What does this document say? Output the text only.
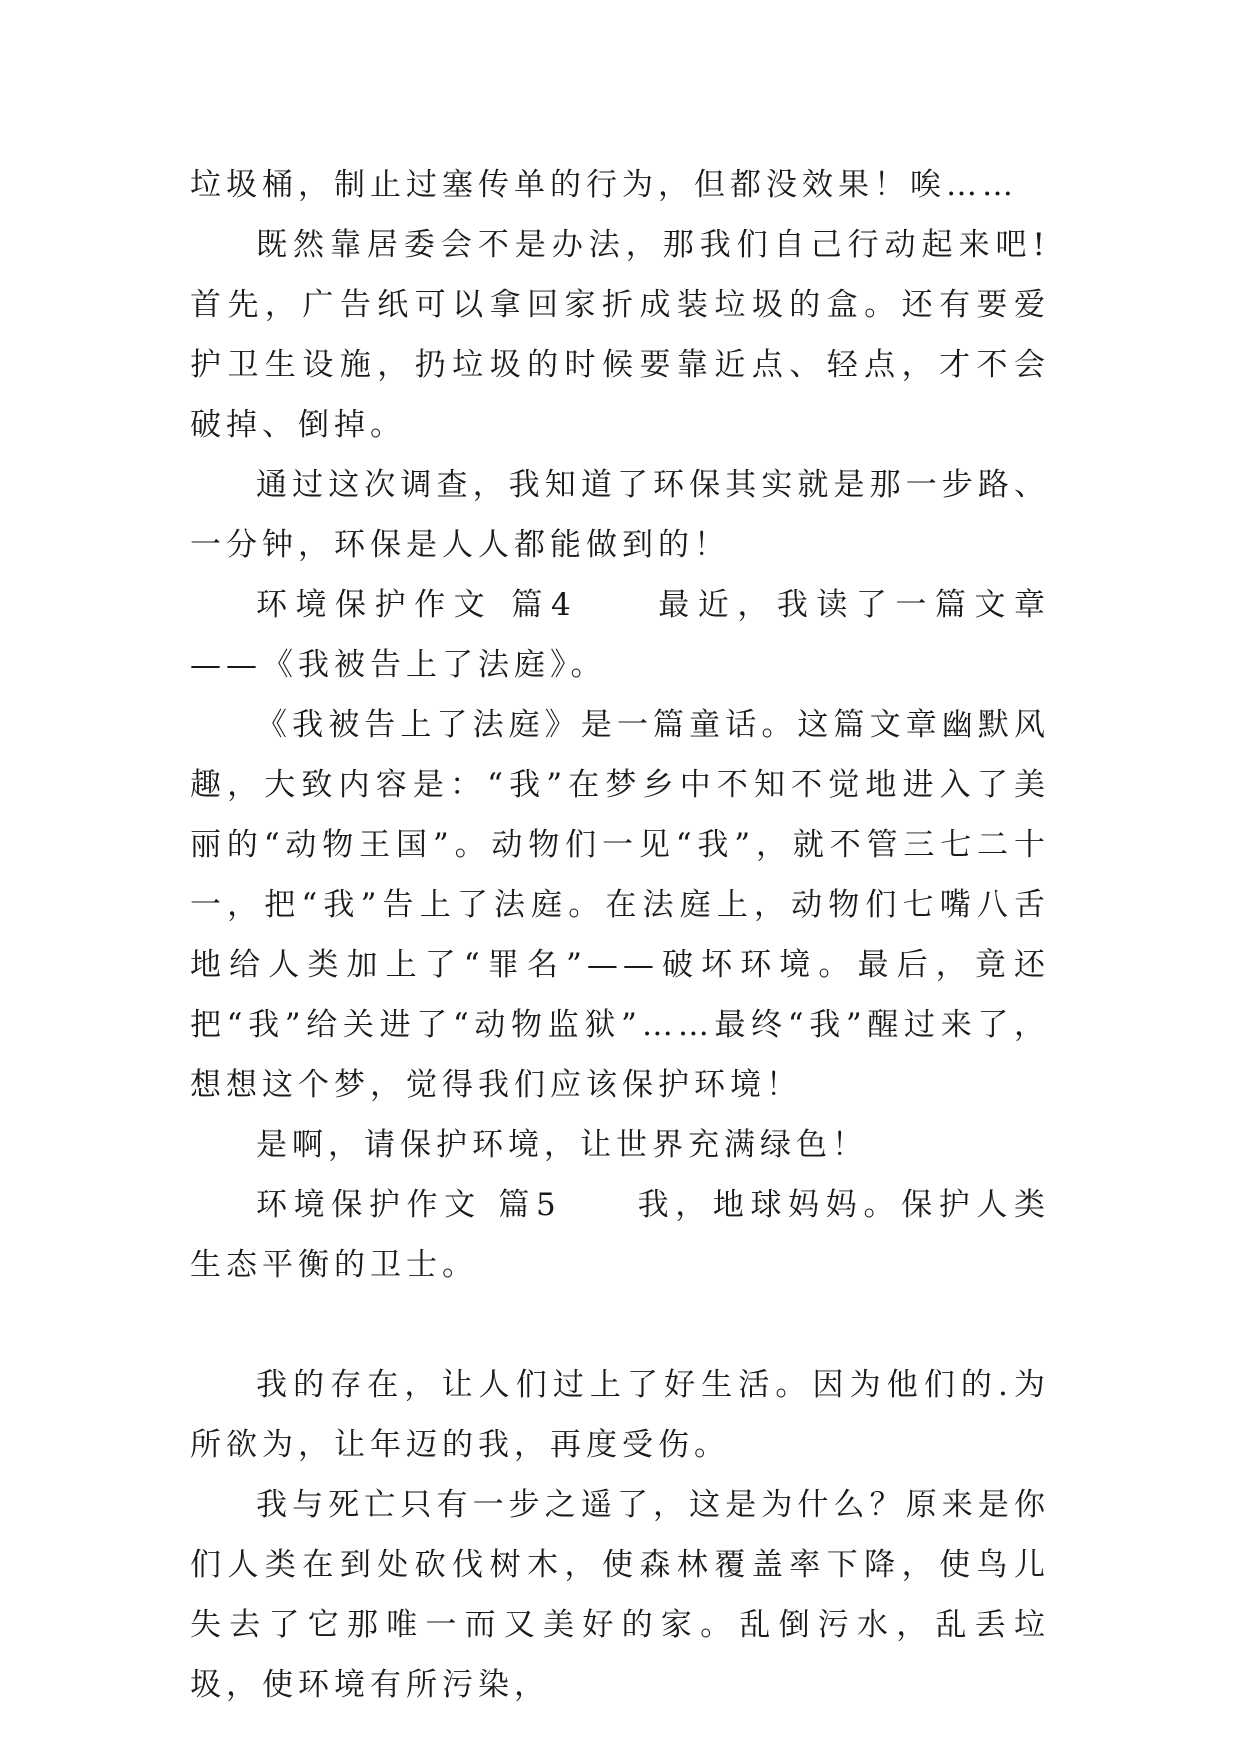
垃圾桶，制止过塞传单的行为，但都没效果！唉……

既然靠居委会不是办法，那我们自己行动起来吧!首先，广告纸可以拿回家折成装垃圾的盒。还有要爱护卫生设施，扔垃圾的时候要靠近点、轻点，才不会破掉、倒掉。

通过这次调查，我知道了环保其实就是那一步路、一分钟，环保是人人都能做到的！

环境保护作文 篇4　　最近，我读了一篇文章——《我被告上了法庭》。

《我被告上了法庭》是一篇童话。这篇文章幽默风趣，大致内容是：“我”在梦乡中不知不觉地进入了美丽的“动物王国”。动物们一见“我”，就不管三七二十一，把“我”告上了法庭。在法庭上，动物们七嘴八舌地给人类加上了“罪名”——破坏环境。最后，竟还把“我”给关进了“动物监狱”……最终“我”醒过来了，想想这个梦，觉得我们应该保护环境！

是啊，请保护环境，让世界充满绿色！

环境保护作文 篇5　　我，地球妈妈。保护人类生态平衡的卫士。

我的存在，让人们过上了好生活。因为他们的.为所欲为，让年迈的我，再度受伤。

我与死亡只有一步之遥了，这是为什么？原来是你们人类在到处砍伐树木，使森林覆盖率下降，使鸟儿失去了它那唯一而又美好的家。乱倒污水，乱丢垃圾，使环境有所污染，
